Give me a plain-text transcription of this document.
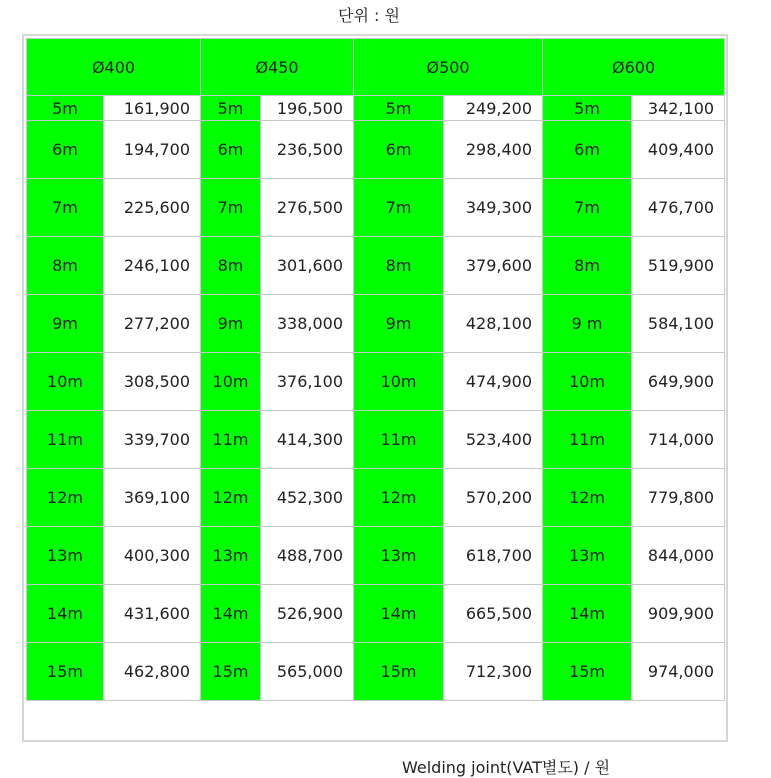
단위 : 원
Ø400		Ø450		Ø500		Ø600	
5m	161,900	5m	196,500	5m	249,200	5m	342,100
6m	194,700	6m	236,500	6m	298,400	6m	409,400
7m	225,600	7m	276,500	7m	349,300	7m	476,700
8m	246,100	8m	301,600	8m	379,600	8m	519,900
9m	277,200	9m	338,000	9m	428,100	9 m	584,100
10m	308,500	10m	376,100	10m	474,900	10m	649,900
11m	339,700	11m	414,300	11m	523,400	11m	714,000
12m	369,100	12m	452,300	12m	570,200	12m	779,800
13m	400,300	13m	488,700	13m	618,700	13m	844,000
14m	431,600	14m	526,900	14m	665,500	14m	909,900
15m	462,800	15m	565,000	15m	712,300	15m	974,000
Welding joint(VAT별도) / 원
